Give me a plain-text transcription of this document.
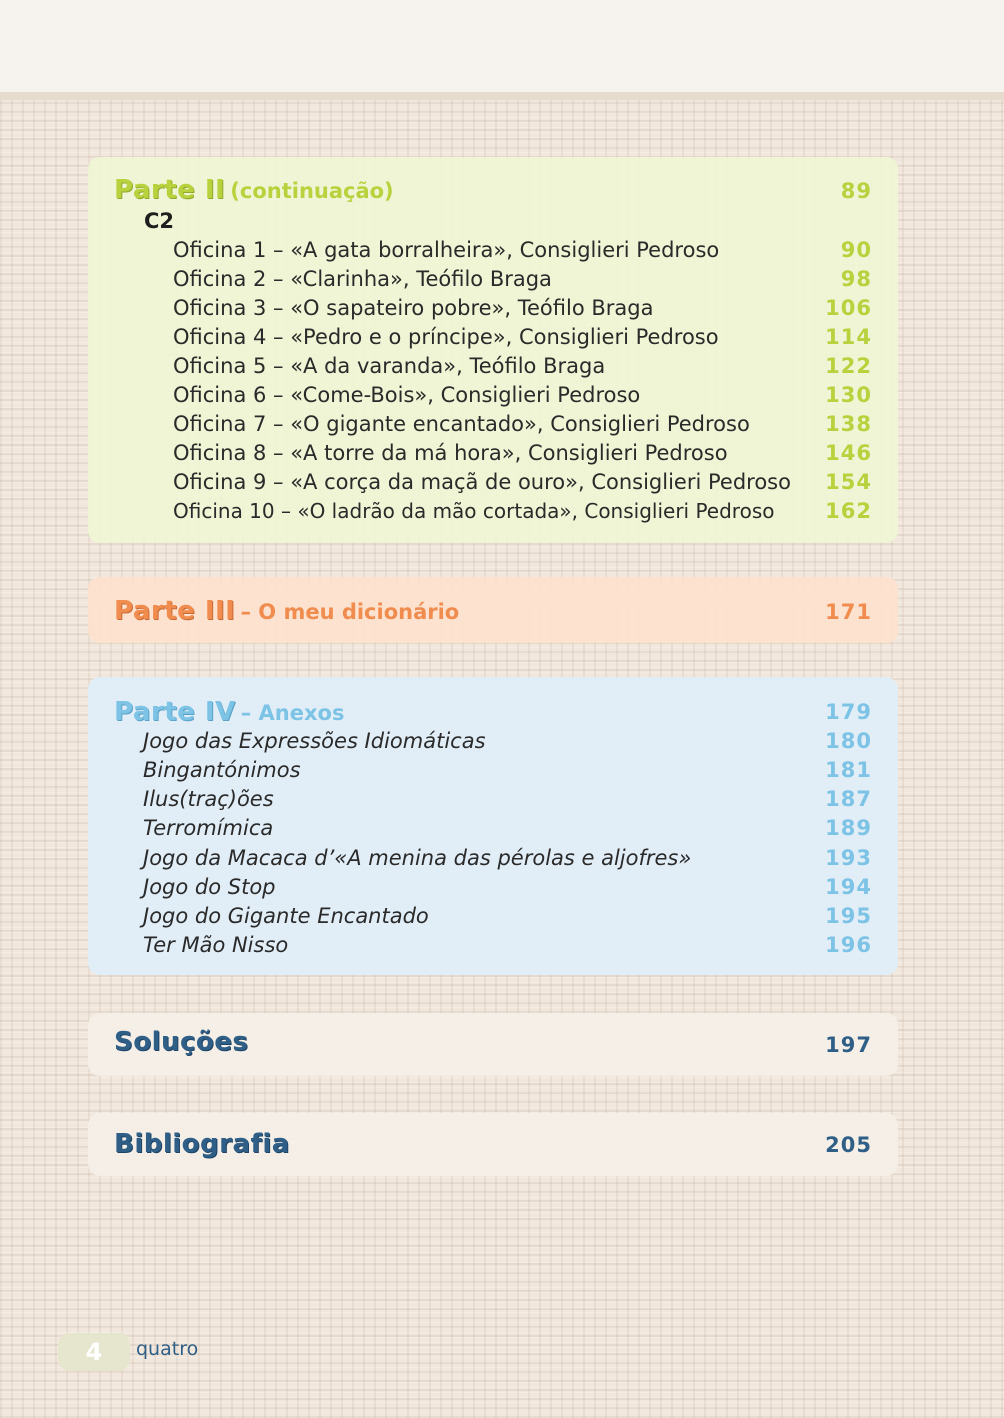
Parte II (continuação)	89
C2
Oficina 1 – «A gata borralheira», Consiglieri Pedroso	90
Oficina 2 – «Clarinha», Teófilo Braga	98
Oficina 3 – «O sapateiro pobre», Teófilo Braga	106
Oficina 4 – «Pedro e o príncipe», Consiglieri Pedroso	114
Oficina 5 – «A da varanda», Teófilo Braga	122
Oficina 6 – «Come-Bois», Consiglieri Pedroso	130
Oficina 7 – «O gigante encantado», Consiglieri Pedroso	138
Oficina 8 – «A torre da má hora», Consiglieri Pedroso	146
Oficina 9 – «A corça da maçã de ouro», Consiglieri Pedroso 154
Oficina 10 – «O ladrão da mão cortada», Consiglieri Pedroso 162
Parte III – O meu dicionário	171
Parte IV – Anexos	179
Jogo das Expressões Idiomáticas	180
Bingantónimos	181
Ilus(traç)ões	187
Terromímica	189
Jogo da Macaca d’«A menina das pérolas e aljofres»	193
Jogo do Stop	194
Jogo do Gigante Encantado	195
Ter Mão Nisso	196
Soluções	197
Bibliografia	205
4	quatro
